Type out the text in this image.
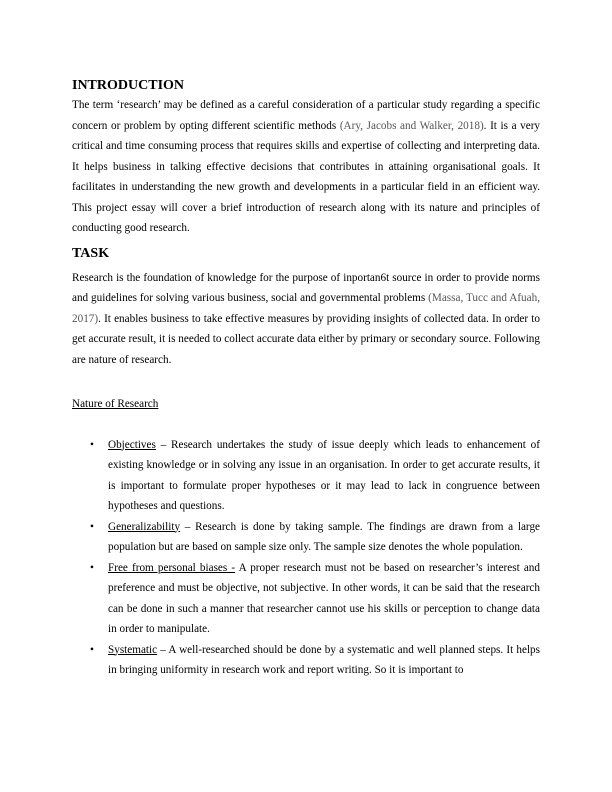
INTRODUCTION

The term ‘research’ may be defined as a careful consideration of a particular study regarding a specific concern or problem by opting different scientific methods (Ary, Jacobs and Walker, 2018). It is a very critical and time consuming process that requires skills and expertise of collecting and interpreting data. It helps business in talking effective decisions that contributes in attaining organisational goals. It facilitates in understanding the new growth and developments in a particular field in an efficient way. This project essay will cover a brief introduction of research along with its nature and principles of conducting good research.

TASK

Research is the foundation of knowledge for the purpose of inportan6t source in order to provide norms and guidelines for solving various business, social and governmental problems (Massa, Tucc and Afuah, 2017). It enables business to take effective measures by providing insights of collected data. In order to get accurate result, it is needed to collect accurate data either by primary or secondary source. Following are nature of research.

Nature of Research
• Objectives – Research undertakes the study of issue deeply which leads to enhancement of existing knowledge or in solving any issue in an organisation. In order to get accurate results, it is important to formulate proper hypotheses or it may lead to lack in congruence between hypotheses and questions.
• Generalizability – Research is done by taking sample. The findings are drawn from a large population but are based on sample size only. The sample size denotes the whole population.
• Free from personal biases - A proper research must not be based on researcher’s interest and preference and must be objective, not subjective. In other words, it can be said that the research can be done in such a manner that researcher cannot use his skills or perception to change data in order to manipulate.
• Systematic – A well-researched should be done by a systematic and well planned steps. It helps in bringing uniformity in research work and report writing. So it is important to
